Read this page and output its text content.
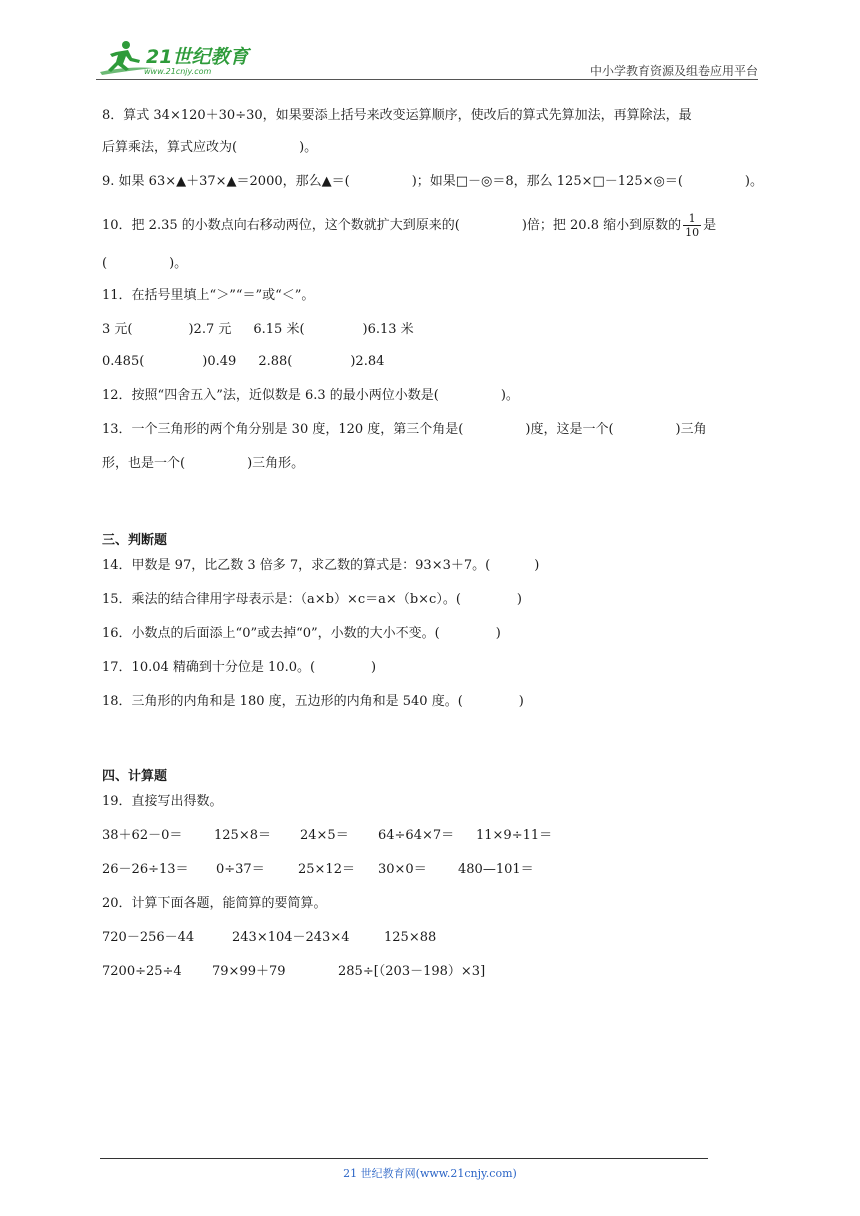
21世纪教育
www.21cnjy.com	中小学教育资源及组卷应用平台
8．算式 34×120＋30÷30，如果要添上括号来改变运算顺序，使改后的算式先算加法，再算除法，最
后算乘法，算式应改为(	)。
9. 如果 63×▲＋37×▲＝2000，那么▲＝(	)；如果□－◎＝8，那么 125×□－125×◎＝(	)。
10．把 2.35 的小数点向右移动两位，这个数就扩大到原来的(	)倍；把 20.8 缩小到原数的 $\frac{1}{10}$ 是
(	)。
11．在括号里填上“＞”“＝”或“＜”。
3 元(	)2.7 元 6.15 米(	)6.13 米
0.485(	)0.49 2.88(	)2.84
12．按照“四舍五入”法，近似数是 6.3 的最小两位小数是(	)。
13．一个三角形的两个角分别是 30 度，120 度，第三个角是(	)度，这是一个(	)三角
形，也是一个(	)三角形。
三、判断题
14．甲数是 97，比乙数 3 倍多 7，求乙数的算式是：93×3＋7。(	)
15．乘法的结合律用字母表示是：（a×b）×c＝a×（b×c）。(	)
16．小数点的后面添上“0”或去掉“0”，小数的大小不变。(	)
17．10.04 精确到十分位是 10.0。(	)
18．三角形的内角和是 180 度，五边形的内角和是 540 度。(	)
四、计算题
19．直接写出得数。
38＋62－0＝ 125×8＝ 24×5＝ 64÷64×7＝ 11×9÷11＝
26－26÷13＝ 0÷37＝	25×12＝ 30×0＝ 480—101＝
20．计算下面各题，能简算的要简算。
720－256－44	243×104－243×4	125×88
7200÷25÷4 79×99＋79	285÷[（203－198）×3]
21 世纪教育网(www.21cnjy.com)
